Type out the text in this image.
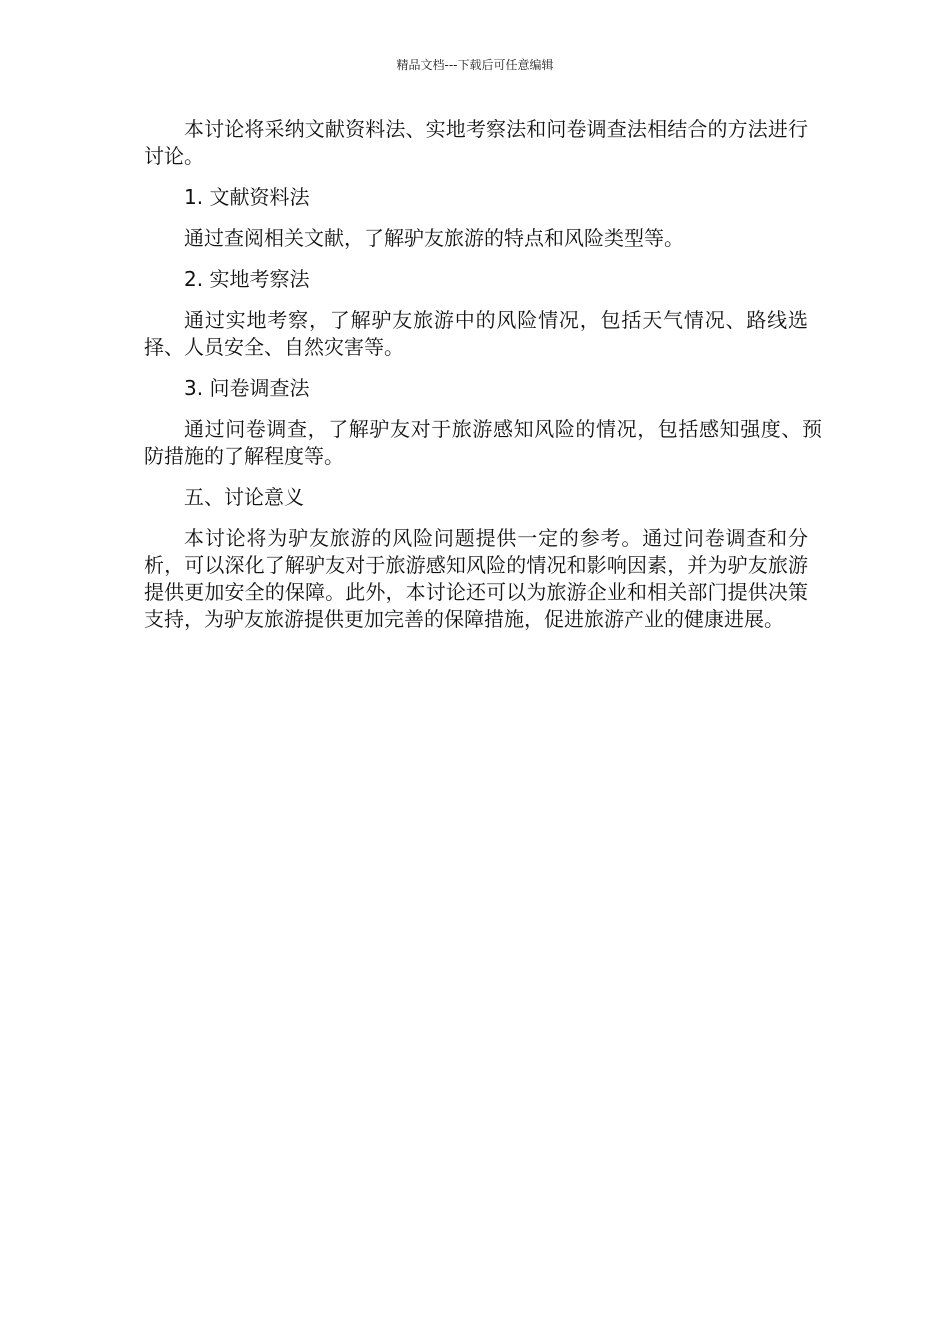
精品文档---下载后可任意编辑

本讨论将采纳文献资料法、实地考察法和问卷调查法相结合的方法进行讨论。

1. 文献资料法

通过查阅相关文献，了解驴友旅游的特点和风险类型等。

2. 实地考察法

通过实地考察，了解驴友旅游中的风险情况，包括天气情况、路线选择、人员安全、自然灾害等。

3. 问卷调查法

通过问卷调查，了解驴友对于旅游感知风险的情况，包括感知强度、预防措施的了解程度等。

五、讨论意义

本讨论将为驴友旅游的风险问题提供一定的参考。通过问卷调查和分析，可以深化了解驴友对于旅游感知风险的情况和影响因素，并为驴友旅游提供更加安全的保障。此外，本讨论还可以为旅游企业和相关部门提供决策支持，为驴友旅游提供更加完善的保障措施，促进旅游产业的健康进展。
